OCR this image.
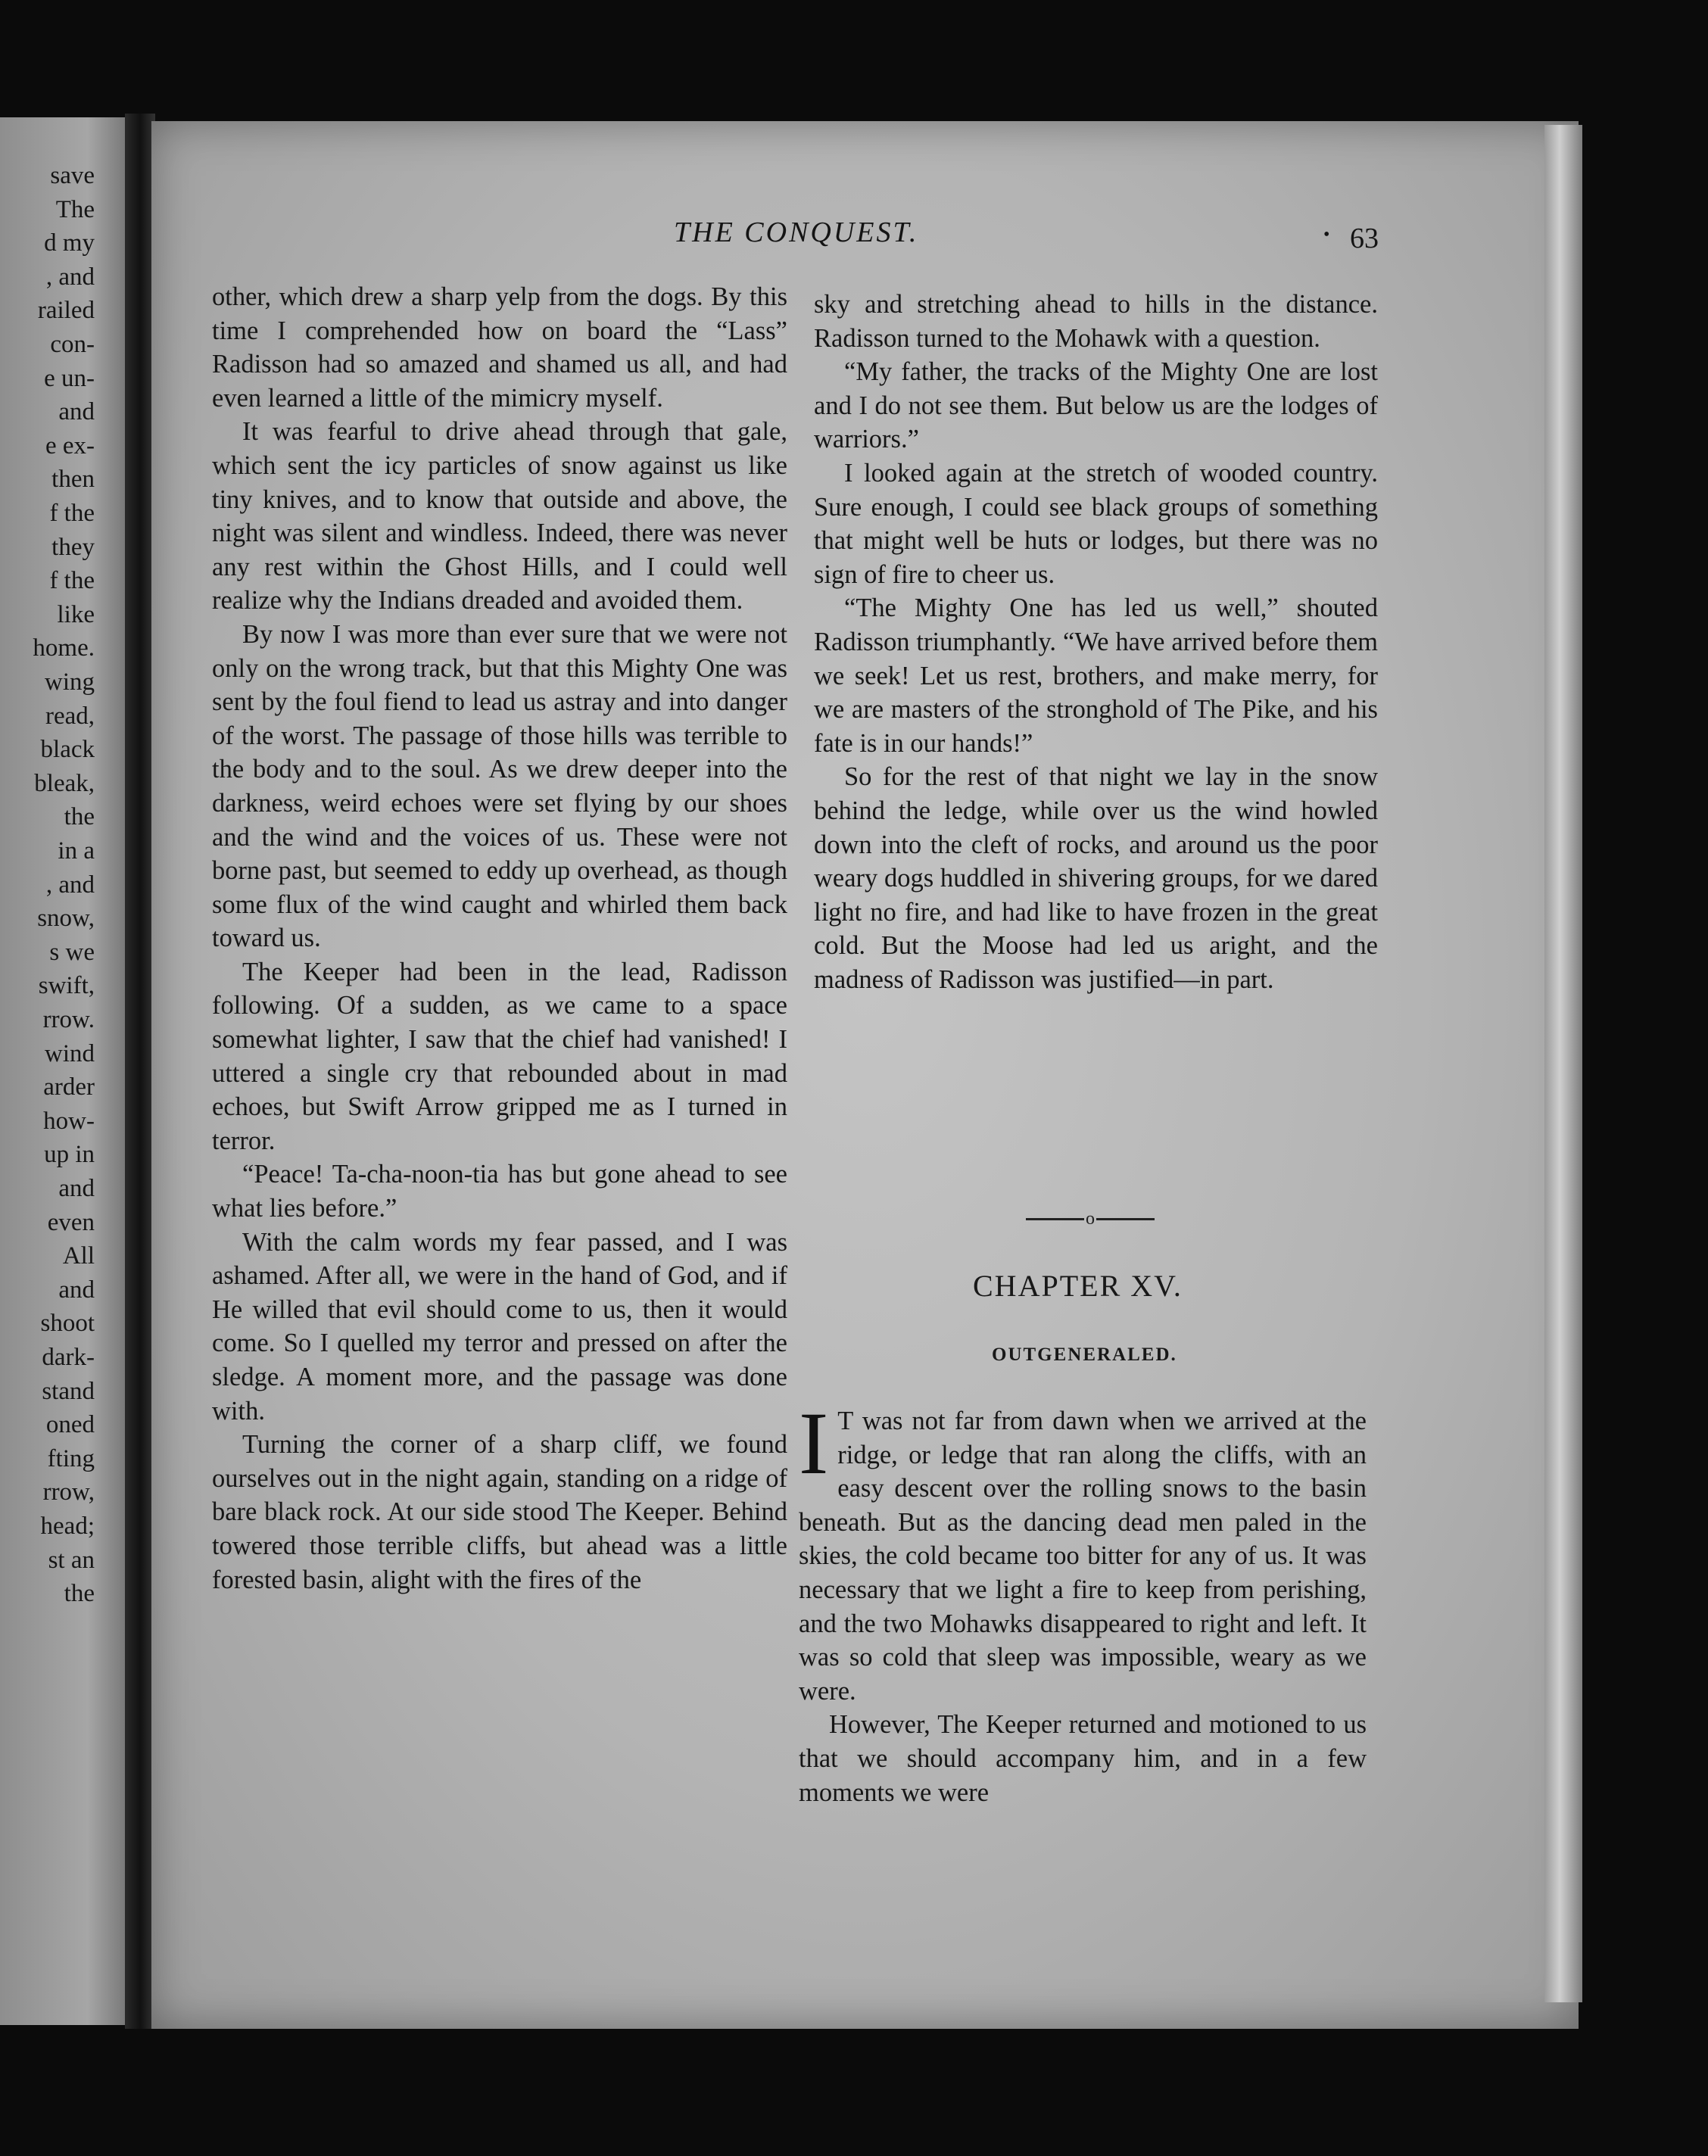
save
The
d my
, and
railed
con-
e un-
and
e ex-
then
f the
they
f the
like
home.
wing
read,
black
bleak,
the
in a
, and
snow,
s we
swift,
rrow.
wind
arder
how-
up in
and
even
All
and
shoot
dark-
stand
oned
fting
rrow,
head;
st an
the
THE CONQUEST.	• 63

other, which drew a sharp yelp from the dogs. By this time I comprehended how on board the “Lass” Radisson had so amazed and shamed us all, and had even learned a little of the mimicry myself.

It was fearful to drive ahead through that gale, which sent the icy particles of snow against us like tiny knives, and to know that outside and above, the night was silent and windless. Indeed, there was never any rest within the Ghost Hills, and I could well realize why the Indians dreaded and avoided them.

By now I was more than ever sure that we were not only on the wrong track, but that this Mighty One was sent by the foul fiend to lead us astray and into danger of the worst. The passage of those hills was terrible to the body and to the soul. As we drew deeper into the darkness, weird echoes were set flying by our shoes and the wind and the voices of us. These were not borne past, but seemed to eddy up overhead, as though some flux of the wind caught and whirled them back toward us.

The Keeper had been in the lead, Radisson following. Of a sudden, as we came to a space somewhat lighter, I saw that the chief had vanished! I uttered a single cry that rebounded about in mad echoes, but Swift Arrow gripped me as I turned in terror.

“Peace! Ta-cha-noon-tia has but gone ahead to see what lies before.”

With the calm words my fear passed, and I was ashamed. After all, we were in the hand of God, and if He willed that evil should come to us, then it would come. So I quelled my terror and pressed on after the sledge. A moment more, and the passage was done with.

Turning the corner of a sharp cliff, we found ourselves out in the night again, standing on a ridge of bare black rock. At our side stood The Keeper. Behind towered those terrible cliffs, but ahead was a little forested basin, alight with the fires of the

sky and stretching ahead to hills in the distance. Radisson turned to the Mohawk with a question.

“My father, the tracks of the Mighty One are lost and I do not see them. But below us are the lodges of warriors.”

I looked again at the stretch of wooded country. Sure enough, I could see black groups of something that might well be huts or lodges, but there was no sign of fire to cheer us.

“The Mighty One has led us well,” shouted Radisson triumphantly. “We have arrived before them we seek! Let us rest, brothers, and make merry, for we are masters of the stronghold of The Pike, and his fate is in our hands!”

So for the rest of that night we lay in the snow behind the ledge, while over us the wind howled down into the cleft of rocks, and around us the poor weary dogs huddled in shivering groups, for we dared light no fire, and had like to have frozen in the great cold. But the Moose had led us aright, and the madness of Radisson was justified—in part.

o
CHAPTER XV.
OUTGENERALED.

I T was not far from dawn when we arrived at the ridge, or ledge that ran along the cliffs, with an easy descent over the rolling snows to the basin beneath. But as the dancing dead men paled in the skies, the cold became too bitter for any of us. It was necessary that we light a fire to keep from perishing, and the two Mohawks disappeared to right and left. It was so cold that sleep was impossible, weary as we were.

However, The Keeper returned and motioned to us that we should accompany him, and in a few moments we were
